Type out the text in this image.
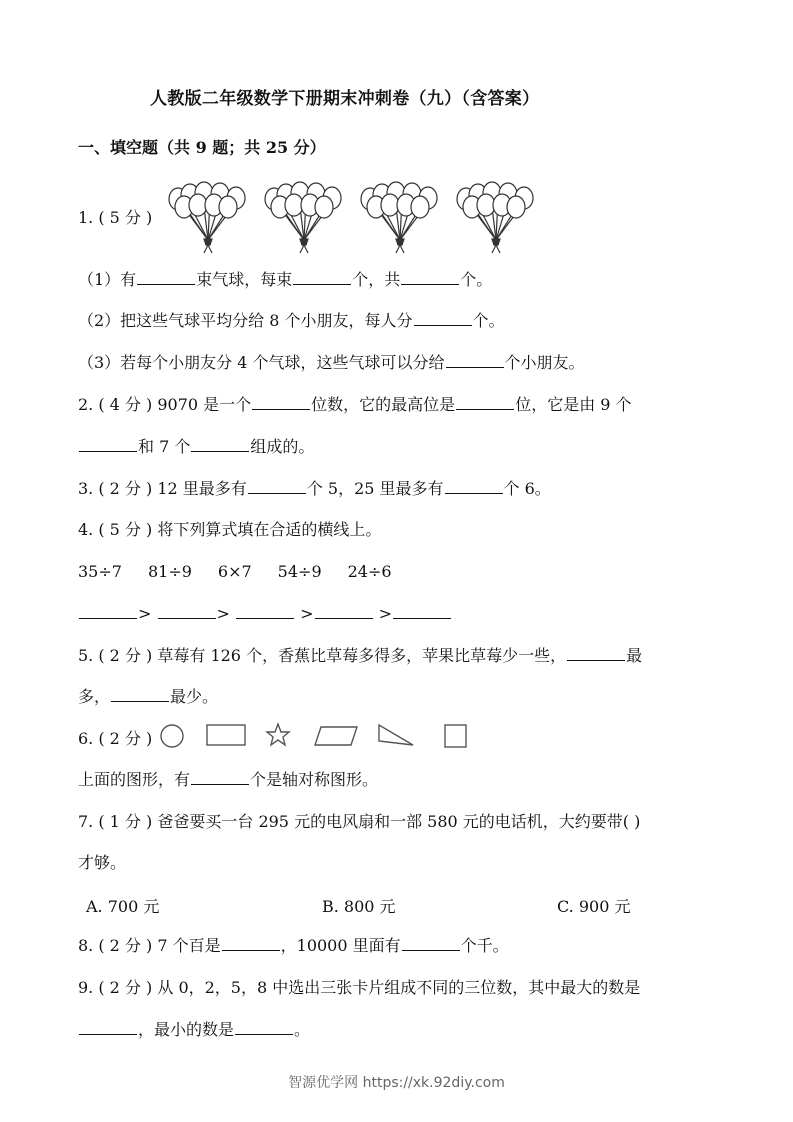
人教版二年级数学下册期末冲刺卷（九）（含答案）
一、填空题（共 9 题；共 25 分）
1. ( 5 分 )
（1）有	束气球，每束	个，共	个。
（2）把这些气球平均分给 8 个小朋友，每人分	个。
（3）若每个小朋友分 4 个气球，这些气球可以分给	个小朋友。
2. ( 4 分 ) 9070 是一个	位数，它的最高位是	位，它是由 9 个
和 7 个	组成的。
3. ( 2 分 ) 12 里最多有	个 5，25 里最多有	个 6。
4. ( 5 分 ) 将下列算式填在合适的横线上。
35÷7 81÷9 6×7 54÷9 24÷6
>	>	>	>
5. ( 2 分 ) 草莓有 126 个，香蕉比草莓多得多，苹果比草莓少一些，	最
多，	最少。
6. ( 2 分 )
上面的图形，有	个是轴对称图形。
7. ( 1 分 ) 爸爸要买一台 295 元的电风扇和一部 580 元的电话机，大约要带( )
才够。
A. 700 元	B. 800 元	C. 900 元
8. ( 2 分 ) 7 个百是	，10000 里面有	个千。
9. ( 2 分 ) 从 0，2，5，8 中选出三张卡片组成不同的三位数，其中最大的数是
，最小的数是	。
智源优学网 https://xk.92diy.com
